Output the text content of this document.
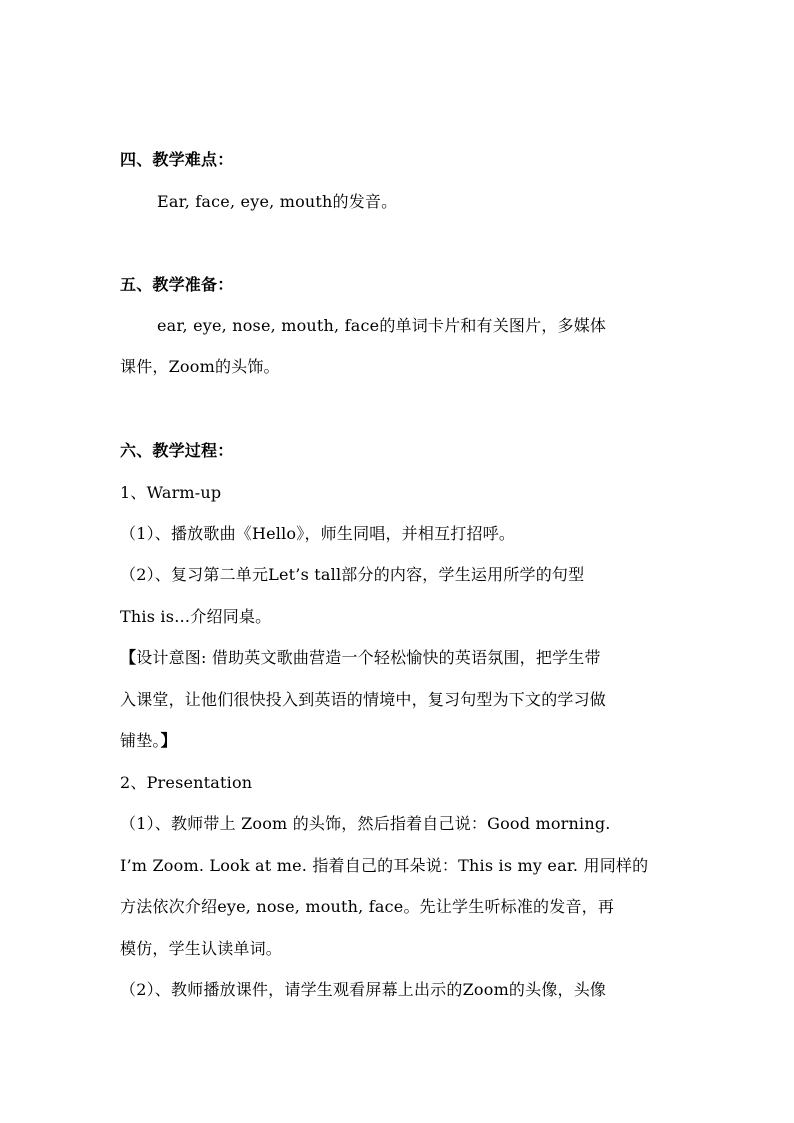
四、教学难点：
Ear, face, eye, mouth的发音。
五、教学准备：
ear, eye, nose, mouth, face的单词卡片和有关图片，多媒体
课件，Zoom的头饰。
六、教学过程：
1、Warm-up
（1）、播放歌曲《Hello》，师生同唱，并相互打招呼。
（2）、复习第二单元Let’s tall部分的内容，学生运用所学的句型
This is…介绍同桌。
【设计意图: 借助英文歌曲营造一个轻松愉快的英语氛围，把学生带
入课堂，让他们很快投入到英语的情境中，复习句型为下文的学习做
铺垫。】
2、Presentation
（1）、教师带上 Zoom 的头饰，然后指着自己说：Good morning.
I’m Zoom. Look at me. 指着自己的耳朵说：This is my ear. 用同样的
方法依次介绍eye, nose, mouth, face。先让学生听标准的发音，再
模仿，学生认读单词。
（2）、教师播放课件，请学生观看屏幕上出示的Zoom的头像，头像
